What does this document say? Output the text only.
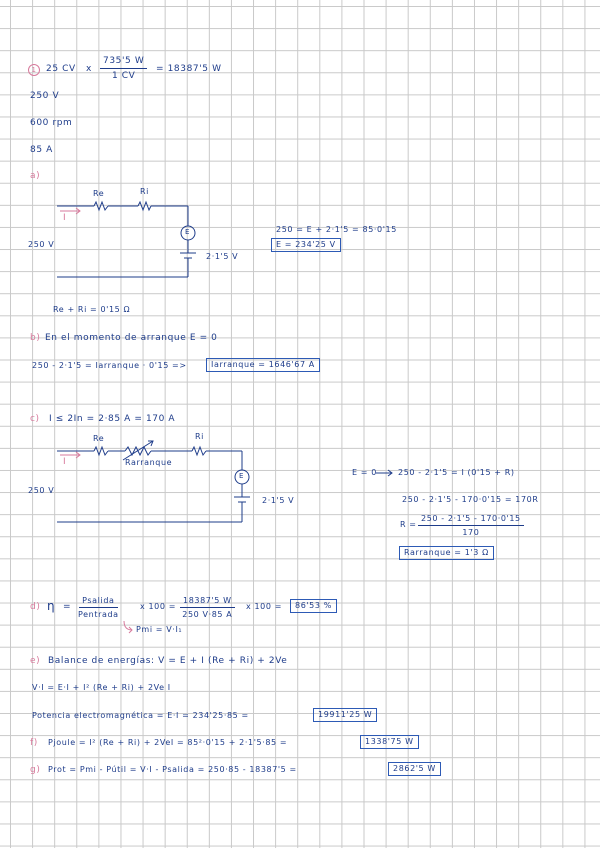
1	25 CV x $\frac{735'5 W}{1 CV} = 18387'5$ W
250 V
600 rpm
85 A
a)
Re	Ri
I
250 V
E
2·1'5 V
250 = E + 2·1'5 = 85·0'15
E = 234'25 V
Re + Ri = 0'15 Ω
b) En el momento de arranque E = 0
250 - 2·1'5 = Iarranque · 0'15 =>	Iarranque = 1646'67 A
c) I ≤ 2In = 2·85 A = 170 A
Re	Ri
Rarranque
I
250 V
E
2·1'5 V
E = 0	250 - 2·1'5 = I (0'15 + R)
250 - 2·1'5 - 170·0'15 = 170R
$R = \frac{250 - 2\cdot 1'5 - 170\cdot 0'15}{170}$
Rarranque = 1'3 Ω
d) η =
Psalida
Pentrada
x $100 = \frac{18387'5 W}{250 V\cdot 85 A}$ x 100 =	86'53 %
Pmi = V·I₁
e) Balance de energías: V = E + I (Re + Ri) + 2Ve
V·I = E·I + I² (Re + Ri) + 2Ve I
Potencia electromagnética = E·I = 234'25·85 =	19911'25 W
f) Pjoule = I² (Re + Ri) + 2VeI = 85²·0'15 + 2·1'5·85 =	1338'75 W
g) Prot = Pmi - Pútil = V·I - Psalida = 250·85 - 18387'5 =	2862'5 W
